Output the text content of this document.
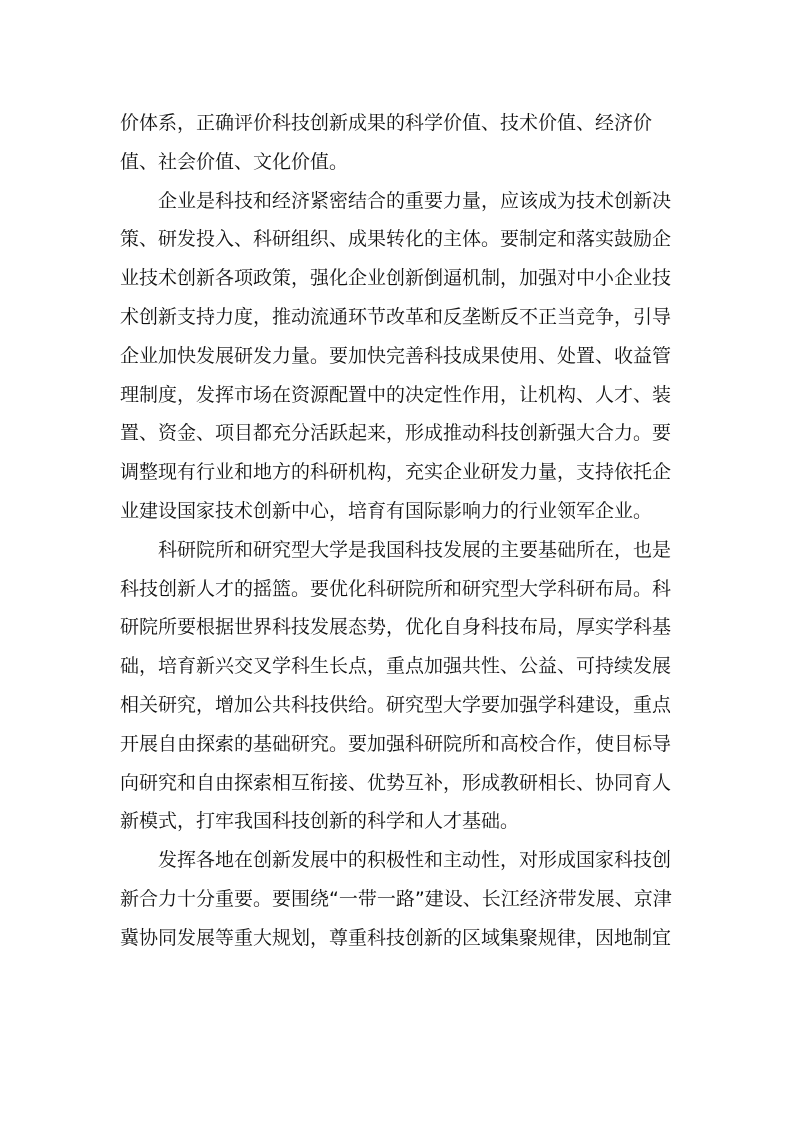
价体系，正确评价科技创新成果的科学价值、技术价值、经济价
值、社会价值、文化价值。
企业是科技和经济紧密结合的重要力量，应该成为技术创新决
策、研发投入、科研组织、成果转化的主体。要制定和落实鼓励企
业技术创新各项政策，强化企业创新倒逼机制，加强对中小企业技
术创新支持力度，推动流通环节改革和反垄断反不正当竞争，引导
企业加快发展研发力量。要加快完善科技成果使用、处置、收益管
理制度，发挥市场在资源配置中的决定性作用，让机构、人才、装
置、资金、项目都充分活跃起来，形成推动科技创新强大合力。要
调整现有行业和地方的科研机构，充实企业研发力量，支持依托企
业建设国家技术创新中心，培育有国际影响力的行业领军企业。
科研院所和研究型大学是我国科技发展的主要基础所在，也是
科技创新人才的摇篮。要优化科研院所和研究型大学科研布局。科
研院所要根据世界科技发展态势，优化自身科技布局，厚实学科基
础，培育新兴交叉学科生长点，重点加强共性、公益、可持续发展
相关研究，增加公共科技供给。研究型大学要加强学科建设，重点
开展自由探索的基础研究。要加强科研院所和高校合作，使目标导
向研究和自由探索相互衔接、优势互补，形成教研相长、协同育人
新模式，打牢我国科技创新的科学和人才基础。
发挥各地在创新发展中的积极性和主动性，对形成国家科技创
新合力十分重要。要围绕“一带一路”建设、长江经济带发展、京津
冀协同发展等重大规划，尊重科技创新的区域集聚规律，因地制宜
